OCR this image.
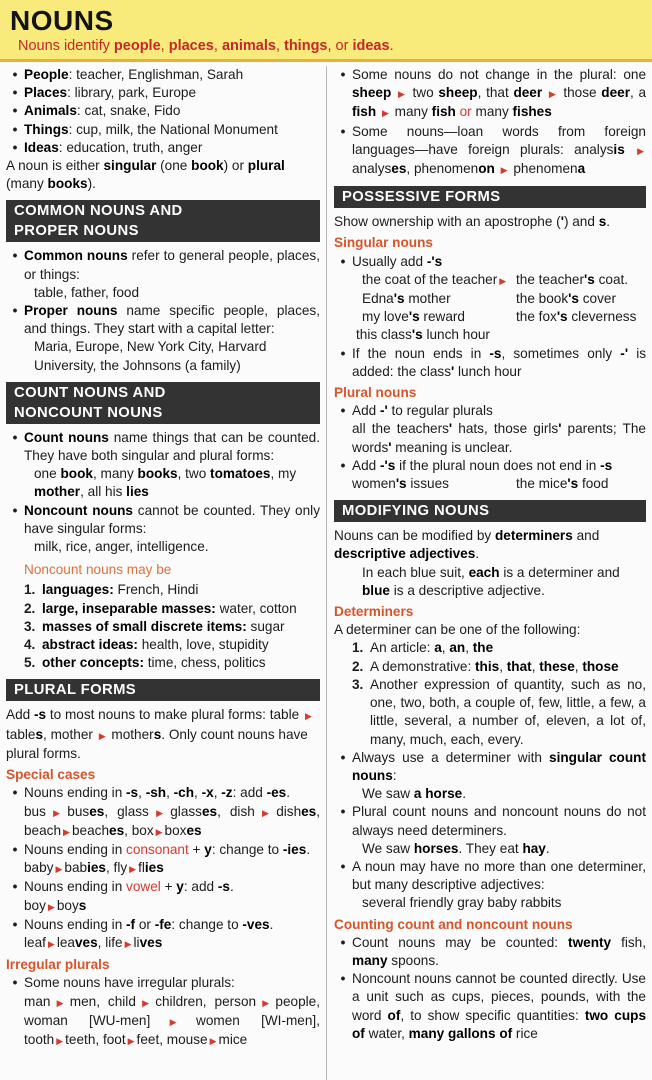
NOUNS
Nouns identify people, places, animals, things, or ideas.
• People: teacher, Englishman, Sarah
• Places: library, park, Europe
• Animals: cat, snake, Fido
• Things: cup, milk, the National Monument
• Ideas: education, truth, anger
A noun is either singular (one book) or plural (many books).
COMMON NOUNS AND
PROPER NOUNS
• Common nouns refer to general people, places, or things:
table, father, food
• Proper nouns name specific people, places, and things. They start with a capital letter:
Maria, Europe, New York City, Harvard University, the Johnsons (a family)
COUNT NOUNS AND
NONCOUNT NOUNS
• Count nouns name things that can be counted. They have both singular and plural forms:
one book, many books, two tomatoes, my mother, all his lies
• Noncount nouns cannot be counted. They only have singular forms:
milk, rice, anger, intelligence.
Noncount nouns may be
1. languages: French, Hindi
2. large, inseparable masses: water, cotton
3. masses of small discrete items: sugar
4. abstract ideas: health, love, stupidity
5. other concepts: time, chess, politics
PLURAL FORMS
Add -s to most nouns to make plural forms: table ▶ tables, mother ▶ mothers. Only count nouns have plural forms.
Special cases
• Nouns ending in -s, -sh, -ch, -x, -z: add -es.
bus ▶ buses, glass ▶ glasses, dish ▶ dishes, beach ▶ beaches, box ▶ boxes
• Nouns ending in consonant + y: change to -ies.
baby ▶ babies, fly ▶ flies
• Nouns ending in vowel + y: add -s.
boy ▶ boys
• Nouns ending in -f or -fe: change to -ves.
leaf ▶ leaves, life ▶ lives
Irregular plurals
• Some nouns have irregular plurals:
man ▶ men, child ▶ children, person ▶ people, woman [WU-men] ▶ women [WI-men], tooth ▶ teeth, foot ▶ feet, mouse ▶ mice
• Some nouns do not change in the plural: one sheep ▶ two sheep, that deer ▶ those deer, a fish ▶ many fish or many fishes
• Some nouns—loan words from foreign languages—have foreign plurals: analysis ▶ analyses, phenomenon ▶ phenomena
POSSESSIVE FORMS
Show ownership with an apostrophe (') and s.
Singular nouns
• Usually add -'s
the coat of the teacher ▶ the teacher's coat.
Edna's mother	the book's cover
my love's reward	the fox's cleverness
this class's lunch hour
• If the noun ends in -s, sometimes only -' is added: the class' lunch hour
Plural nouns
• Add -' to regular plurals
all the teachers' hats, those girls' parents; The words' meaning is unclear.
• Add -'s if the plural noun does not end in -s
women's issues	the mice's food
MODIFYING NOUNS
Nouns can be modified by determiners and descriptive adjectives.
In each blue suit, each is a determiner and blue is a descriptive adjective.
Determiners
A determiner can be one of the following:
1. An article: a, an, the
2. A demonstrative: this, that, these, those
3. Another expression of quantity, such as no, one, two, both, a couple of, few, little, a few, a little, several, a number of, eleven, a lot of, many, much, each, every.
• Always use a determiner with singular count nouns:
We saw a horse.
• Plural count nouns and noncount nouns do not always need determiners.
We saw horses. They eat hay.
• A noun may have no more than one determiner, but many descriptive adjectives:
several friendly gray baby rabbits
Counting count and noncount nouns
• Count nouns may be counted: twenty fish, many spoons.
• Noncount nouns cannot be counted directly. Use a unit such as cups, pieces, pounds, with the word of, to show specific quantities: two cups of water, many gallons of rice
